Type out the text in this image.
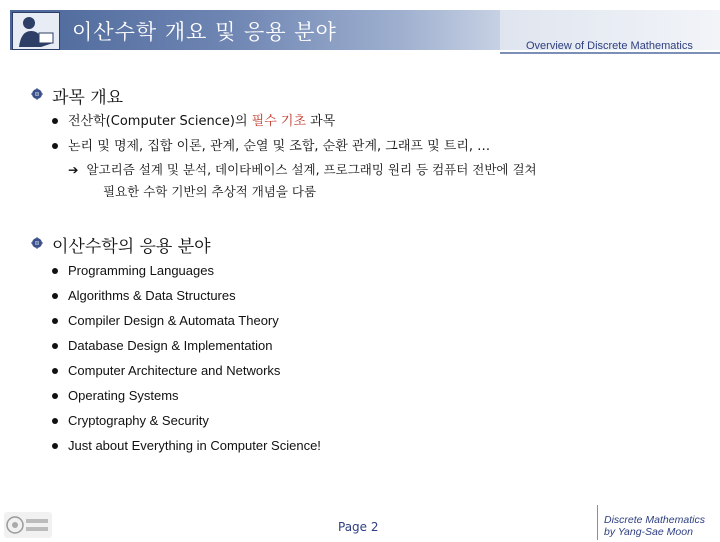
이산수학 개요 및 응용 분야
Overview of Discrete Mathematics
과목 개요
전산학(Computer Science)의 필수 기초 과목
논리 및 명제, 집합 이론, 관계, 순열 및 조합, 순환 관계, 그래프 및 트리, …
➔ 알고리즘 설계 및 분석, 데이타베이스 설계, 프로그래밍 원리 등 컴퓨터 전반에 걸쳐
필요한 수학 기반의 추상적 개념을 다룸
이산수학의 응용 분야
Programming Languages
Algorithms & Data Structures
Compiler Design & Automata Theory
Database Design & Implementation
Computer Architecture and Networks
Operating Systems
Cryptography & Security
Just about Everything in Computer Science!
Page 2	Discrete Mathematics
by Yang-Sae Moon
